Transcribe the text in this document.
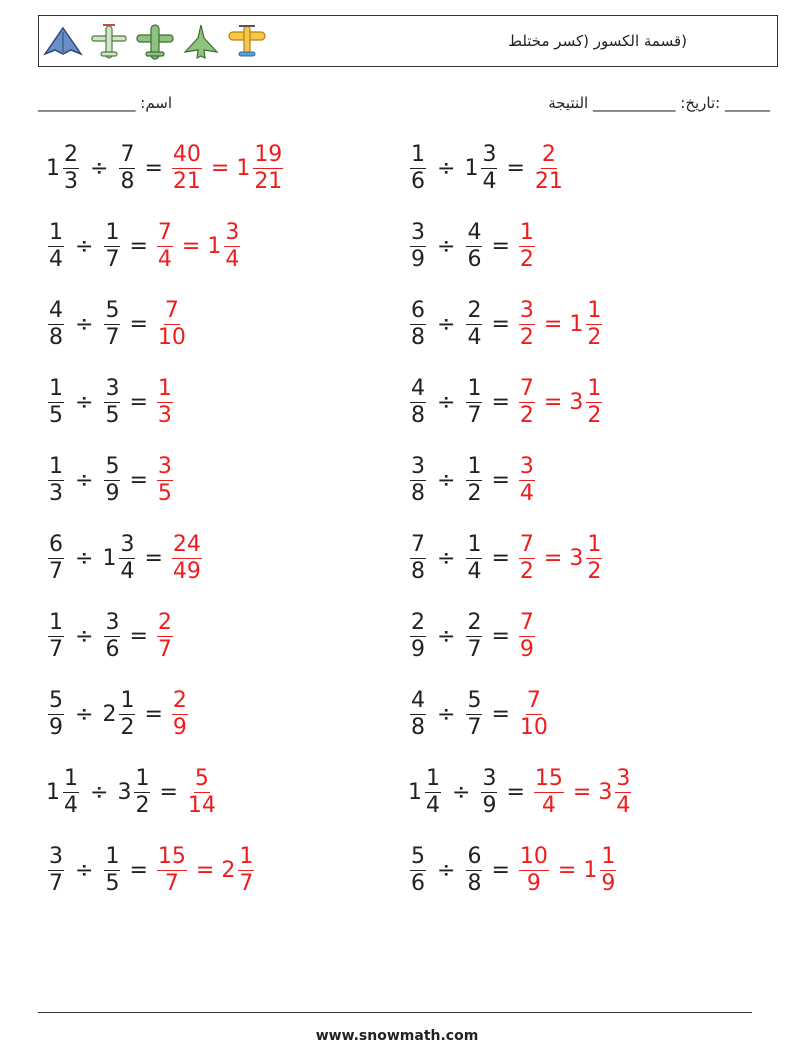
(قسمة الكسور (كسر مختلط
اسم: _____________	______ :تاريخ: ___________ النتيجة
$1 \frac{2}{3} \div \frac{7}{8} = \frac{40}{21} = 1 \frac{19}{21}$	$\frac{1}{6} \div 1 \frac{3}{4} = \frac{2}{21}$
$\frac{1}{4} \div \frac{1}{7} = \frac{7}{4} = 1 \frac{3}{4}$	$\frac{3}{9} \div \frac{4}{6} = \frac{1}{2}$
$\frac{4}{8} \div \frac{5}{7} = \frac{7}{10}$	$\frac{6}{8} \div \frac{2}{4} = \frac{3}{2} = 1 \frac{1}{2}$
$\frac{1}{5} \div \frac{3}{5} = \frac{1}{3}$	$\frac{4}{8} \div \frac{1}{7} = \frac{7}{2} = 3 \frac{1}{2}$
$\frac{1}{3} \div \frac{5}{9} = \frac{3}{5}$	$\frac{3}{8} \div \frac{1}{2} = \frac{3}{4}$
$\frac{6}{7} \div 1 \frac{3}{4} = \frac{24}{49}$	$\frac{7}{8} \div \frac{1}{4} = \frac{7}{2} = 3 \frac{1}{2}$
$\frac{1}{7} \div \frac{3}{6} = \frac{2}{7}$	$\frac{2}{9} \div \frac{2}{7} = \frac{7}{9}$
$\frac{5}{9} \div 2 \frac{1}{2} = \frac{2}{9}$	$\frac{4}{8} \div \frac{5}{7} = \frac{7}{10}$
$1 \frac{1}{4} \div 3 \frac{1}{2} = \frac{5}{14}$	$1 \frac{1}{4} \div \frac{3}{9} = \frac{15}{4} = 3 \frac{3}{4}$
$\frac{3}{7} \div \frac{1}{5} = \frac{15}{7} = 2 \frac{1}{7}$	$\frac{5}{6} \div \frac{6}{8} = \frac{10}{9} = 1 \frac{1}{9}$
www.snowmath.com
